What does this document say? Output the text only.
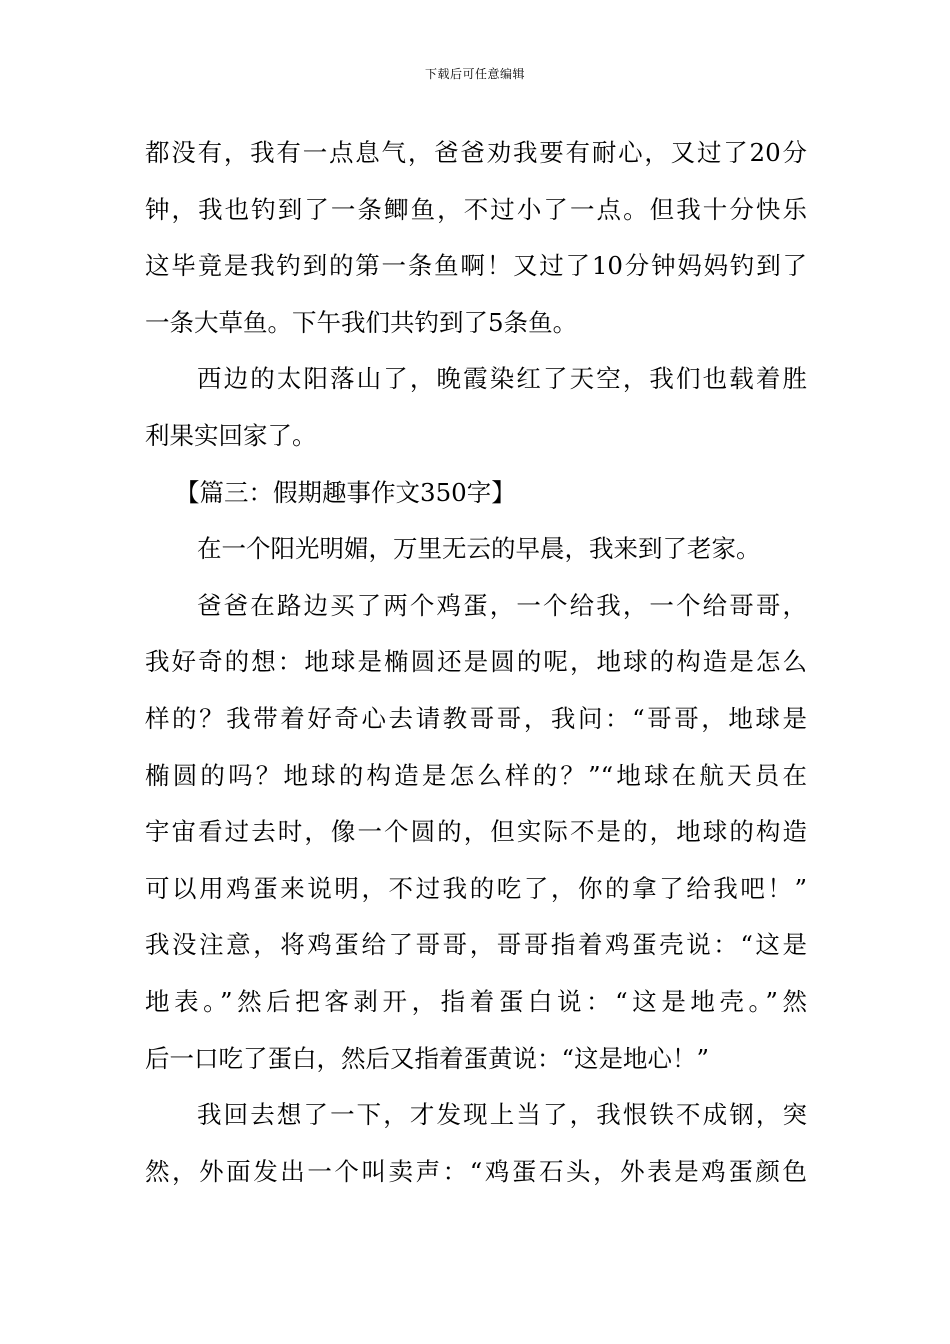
下载后可任意编辑
都没有，我有一点息气，爸爸劝我要有耐心，又过了20分
钟，我也钓到了一条鲫鱼，不过小了一点。但我十分快乐
这毕竟是我钓到的第一条鱼啊！又过了10分钟妈妈钓到了
一条大草鱼。下午我们共钓到了5条鱼。
西边的太阳落山了，晚霞染红了天空，我们也载着胜
利果实回家了。
【篇三：假期趣事作文350字】
在一个阳光明媚，万里无云的早晨，我来到了老家。
爸爸在路边买了两个鸡蛋，一个给我，一个给哥哥，
我好奇的想：地球是椭圆还是圆的呢，地球的构造是怎么
样的？我带着好奇心去请教哥哥，我问：“哥哥，地球是
椭圆的吗？地球的构造是怎么样的？”“地球在航天员在
宇宙看过去时，像一个圆的，但实际不是的，地球的构造
可以用鸡蛋来说明，不过我的吃了，你的拿了给我吧！”
我没注意，将鸡蛋给了哥哥，哥哥指着鸡蛋壳说：“这是
地表。”然后把客剥开，指着蛋白说：“这是地壳。”然
后一口吃了蛋白，然后又指着蛋黄说：“这是地心！”
我回去想了一下，才发现上当了，我恨铁不成钢，突
然，外面发出一个叫卖声：“鸡蛋石头，外表是鸡蛋颜色
